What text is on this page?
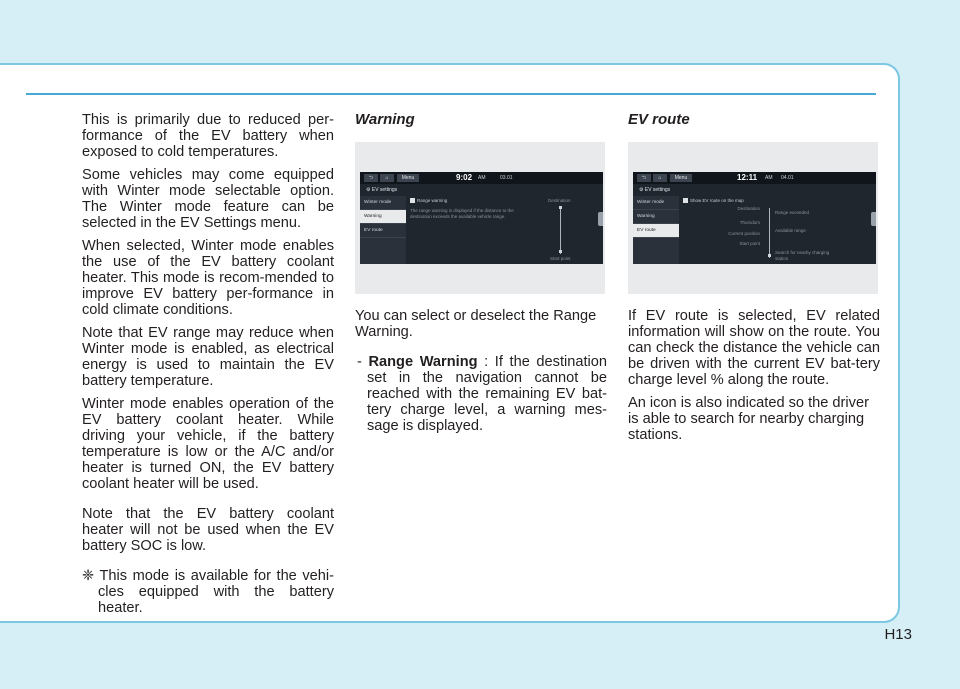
This is primarily due to reduced per-formance of the EV battery when exposed to cold temperatures.

Some vehicles may come equipped with Winter mode selectable option. The Winter mode feature can be selected in the EV Settings menu.

When selected, Winter mode enables the use of the EV battery coolant heater. This mode is recom-mended to improve EV battery per-formance in cold climate conditions.

Note that EV range may reduce when Winter mode is enabled, as electrical energy is used to maintain the EV battery temperature.

Winter mode enables operation of the EV battery coolant heater. While driving your vehicle, if the battery temperature is low or the A/C and/or heater is turned ON, the EV battery coolant heater will be used.

Note that the EV battery coolant heater will not be used when the EV battery SOC is low.

❈ This mode is available for the vehi-cles equipped with the battery heater.

Warning
⮌	⌂	Menu	9:02 AM	03.01
⚙ EV settings
Winter mode
Warning
EV route
Range warning
The range warning is displayed if the distance to the destination exceeds the available vehicle range.
Destination
Start point

You can select or deselect the Range Warning.

- Range Warning : If the destination set in the navigation cannot be reached with the remaining EV bat-tery charge level, a warning mes-sage is displayed.

EV route
⮌	⌂	Menu	12:11 AM 04.01
⚙ EV settings
Winter mode
Warning
EV route
Show EV route on the map
Destination
Thursdom
Current position
Start point
Range exceeded
Available range
Search for nearby charging station

If EV route is selected, EV related information will show on the route. You can check the distance the vehicle can be driven with the current EV bat-tery charge level % along the route.

An icon is also indicated so the driver is able to search for nearby charging stations.

H13
